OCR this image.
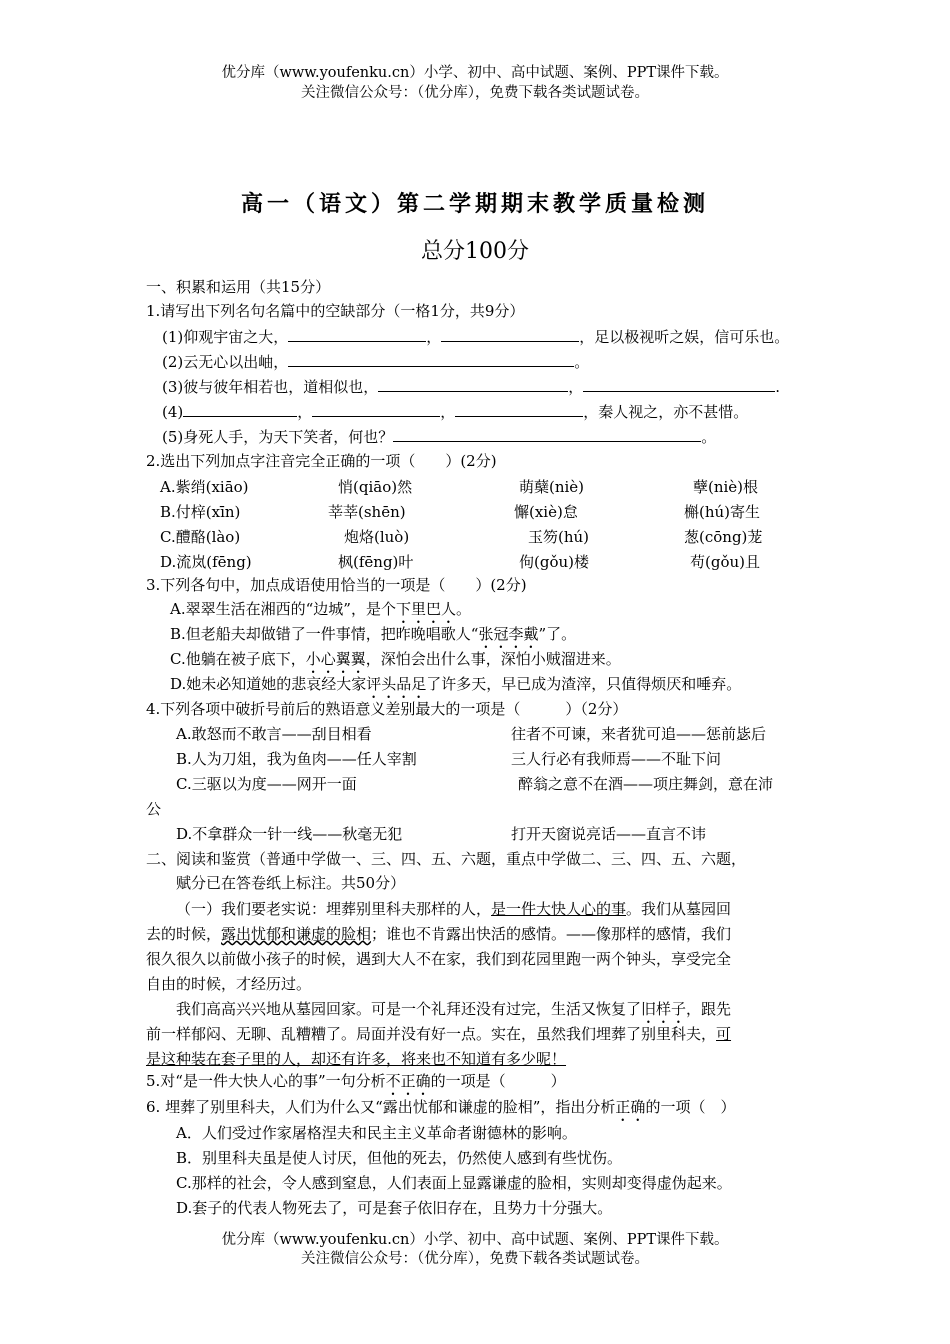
优分库（www.youfenku.cn）小学、初中、高中试题、案例、PPT课件下载。
关注微信公众号：（优分库），免费下载各类试题试卷。
高一（语文）第二学期期末教学质量检测
总分100分
一、积累和运用（共15分）
1.请写出下列名句名篇中的空缺部分（一格1分，共9分）
(1)仰观宇宙之大，	，	，足以极视听之娱，信可乐也。
(2)云无心以出岫，	。
(3)彼与彼年相若也，道相似也，	，	.
(4)	，	，	，秦人视之，亦不甚惜。
(5)身死人手，为天下笑者，何也？	。
2.选出下列加点字注音完全正确的一项（　　）(2分)
A.紫绡(xiāo)	悄(qiāo)然	萌蘖(niè)	孽(niè)根
B.付梓(xīn)	莘莘(shēn)	懈(xiè)怠	槲(hú)寄生
C.醴酪(lào)	炮烙(luò)	玉笏(hú)	葱(cōng)茏
D.流岚(fēng)	枫(fēng)叶	佝(gǒu)楼	苟(gǒu)且
3.下列各句中，加点成语使用恰当的一项是（　　）(2分)
A.翠翠生活在湘西的“边城”，是个下里巴人。
B.但老船夫却做错了一件事情，把昨晚唱歌人“张冠李戴”了。
C.他躺在被子底下，小心翼翼，深怕会出什么事，深怕小贼溜进来。
D.她未必知道她的悲哀经大家评头品足了许多天，早已成为渣滓，只值得烦厌和唾弃。
4.下列各项中破折号前后的熟语意义差别最大的一项是（　　　）（2分）
A.敢怒而不敢言——刮目相看	往者不可谏，来者犹可追——惩前毖后
B.人为刀俎，我为鱼肉——任人宰割	三人行必有我师焉——不耻下问
C.三驱以为度——网开一面	醉翁之意不在酒——项庄舞剑，意在沛
公
D.不拿群众一针一线——秋毫无犯	打开天窗说亮话——直言不讳
二、阅读和鉴赏（普通中学做一、三、四、五、六题，重点中学做二、三、四、五、六题，
赋分已在答卷纸上标注。共50分）
（一）我们要老实说：埋葬别里科夫那样的人，是一件大快人心的事。我们从墓园回
去的时候，露出忧郁和谦虚的脸相；谁也不肯露出快活的感情。——像那样的感情，我们
很久很久以前做小孩子的时候，遇到大人不在家，我们到花园里跑一两个钟头，享受完全
自由的时候，才经历过。
我们高高兴兴地从墓园回家。可是一个礼拜还没有过完，生活又恢复了旧样子，跟先
前一样郁闷、无聊、乱糟糟了。局面并没有好一点。实在，虽然我们埋葬了别里科夫，可
是这种装在套子里的人，却还有许多，将来也不知道有多少呢！
5.对“是一件大快人心的事”一句分析不正确的一项是（　　　）
6. 埋葬了别里科夫，人们为什么又“露出忧郁和谦虚的脸相”，指出分析正确的一项（　）
A．人们受过作家屠格涅夫和民主主义革命者谢德林的影响。
B．别里科夫虽是使人讨厌，但他的死去，仍然使人感到有些忧伤。
C.那样的社会，令人感到窒息，人们表面上显露谦虚的脸相，实则却变得虚伪起来。
D.套子的代表人物死去了，可是套子依旧存在，且势力十分强大。
优分库（www.youfenku.cn）小学、初中、高中试题、案例、PPT课件下载。
关注微信公众号：（优分库），免费下载各类试题试卷。
